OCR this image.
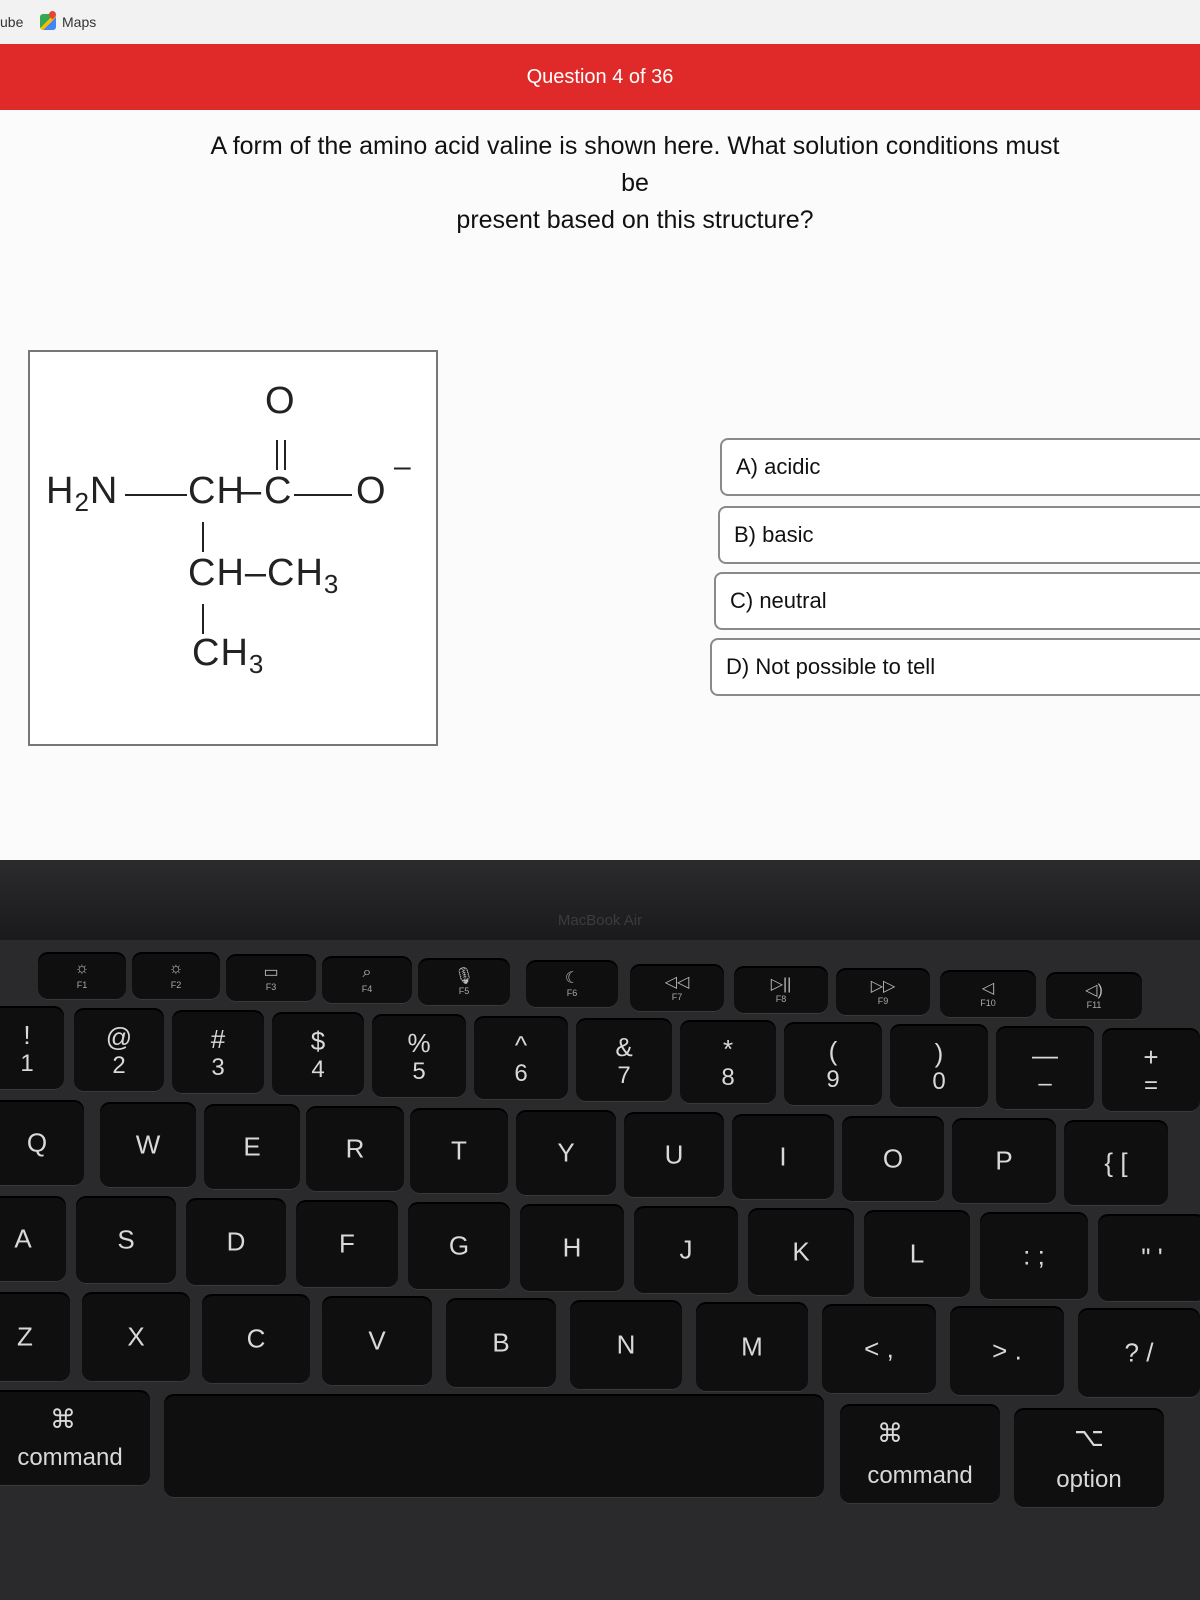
ube	Maps
Question 4 of 36
A form of the amino acid valine is shown here. What solution conditions must be
present based on this structure?
O
$H_2N$ CH
– C O
–
$CH-CH_3$
$CH_3$
A) acidic
B) basic
C) neutral
D) Not possible to tell
MacBook Air
☼
F1
☼
F2
▭
F3
⌕
F4
🎙
F5
☾
F6
◁◁
F7
▷||
F8
▷▷
F9
◁
F10
◁)
F11
!
1
@
2
#
3
$
4
%
5
^
6
&
7
*
8
(
9
)
0
—
–
+
=
Q	W	E	R	T	Y	U	I	O	P	{ [
A	S	D	F	G	H	J	K	L	: ;	" '
Z	X	C	V	B	N	M	< ,	> .	? /
⌘
command
⌘
command
⌥
option
